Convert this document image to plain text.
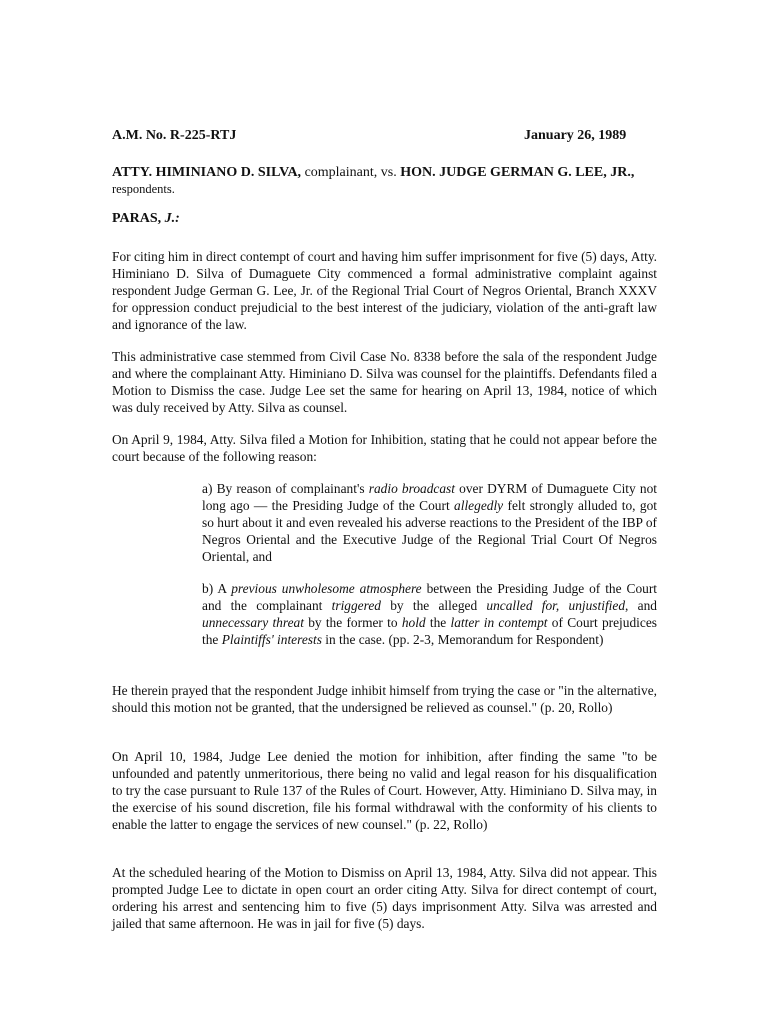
A.M. No. R-225-RTJ	January 26, 1989
ATTY. HIMINIANO D. SILVA, complainant, vs. HON. JUDGE GERMAN G. LEE, JR.,
respondents.
PARAS, J.:

For citing him in direct contempt of court and having him suffer imprisonment for five (5) days, Atty. Himiniano D. Silva of Dumaguete City commenced a formal administrative complaint against respondent Judge German G. Lee, Jr. of the Regional Trial Court of Negros Oriental, Branch XXXV for oppression conduct prejudicial to the best interest of the judiciary, violation of the anti-graft law and ignorance of the law.

This administrative case stemmed from Civil Case No. 8338 before the sala of the respondent Judge and where the complainant Atty. Himiniano D. Silva was counsel for the plaintiffs. Defendants filed a Motion to Dismiss the case. Judge Lee set the same for hearing on April 13, 1984, notice of which was duly received by Atty. Silva as counsel.

On April 9, 1984, Atty. Silva filed a Motion for Inhibition, stating that he could not appear before the court because of the following reason:

a) By reason of complainant's radio broadcast over DYRM of Dumaguete City not long ago — the Presiding Judge of the Court allegedly felt strongly alluded to, got so hurt about it and even revealed his adverse reactions to the President of the IBP of Negros Oriental and the Executive Judge of the Regional Trial Court Of Negros Oriental, and

b) A previous unwholesome atmosphere between the Presiding Judge of the Court and the complainant triggered by the alleged uncalled for, unjustified, and unnecessary threat by the former to hold the latter in contempt of Court prejudices the Plaintiffs' interests in the case. (pp. 2-3, Memorandum for Respondent)

He therein prayed that the respondent Judge inhibit himself from trying the case or "in the alternative, should this motion not be granted, that the undersigned be relieved as counsel." (p. 20, Rollo)

On April 10, 1984, Judge Lee denied the motion for inhibition, after finding the same "to be unfounded and patently unmeritorious, there being no valid and legal reason for his disqualification to try the case pursuant to Rule 137 of the Rules of Court. However, Atty. Himiniano D. Silva may, in the exercise of his sound discretion, file his formal withdrawal with the conformity of his clients to enable the latter to engage the services of new counsel." (p. 22, Rollo)

At the scheduled hearing of the Motion to Dismiss on April 13, 1984, Atty. Silva did not appear. This prompted Judge Lee to dictate in open court an order citing Atty. Silva for direct contempt of court, ordering his arrest and sentencing him to five (5) days imprisonment Atty. Silva was arrested and jailed that same afternoon. He was in jail for five (5) days.
